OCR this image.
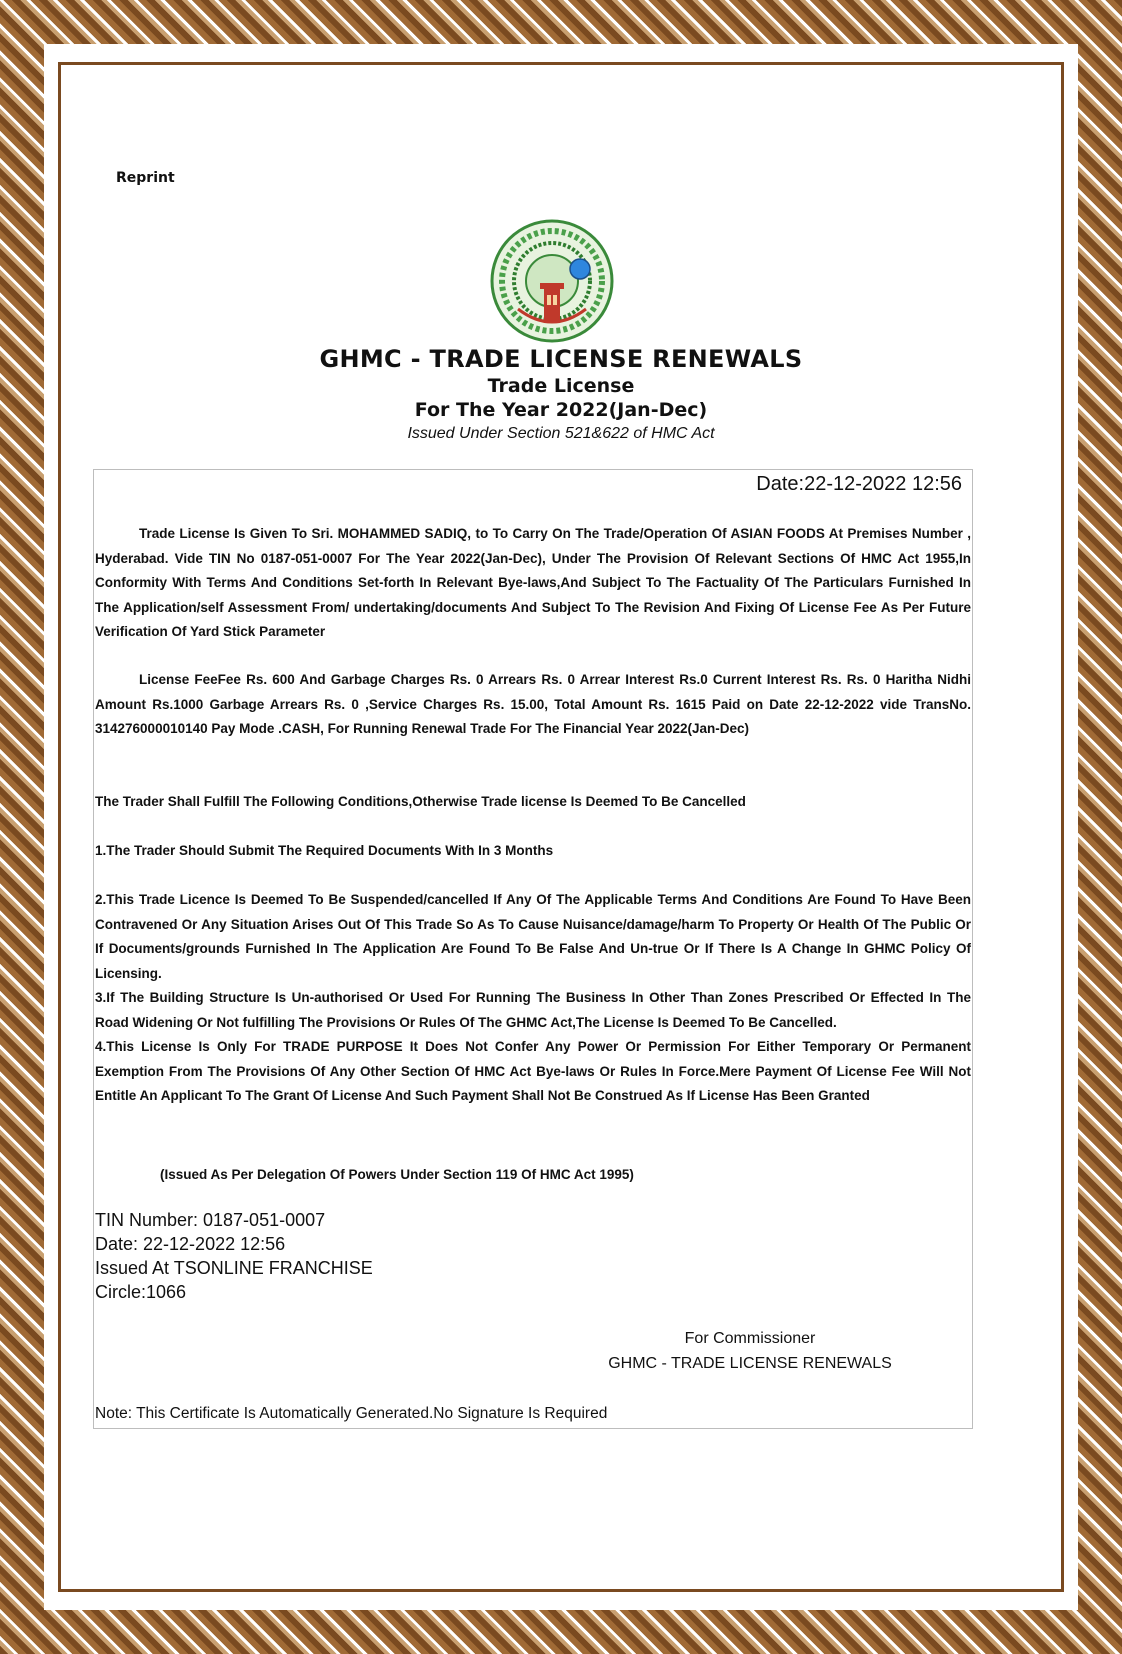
Reprint
GHMC - TRADE LICENSE RENEWALS
Trade License
For The Year 2022(Jan-Dec)
Issued Under Section 521&622 of HMC Act
Date:22-12-2022 12:56
Trade License Is Given To Sri. MOHAMMED SADIQ, to To Carry On The Trade/Operation Of ASIAN FOODS At Premises Number , Hyderabad. Vide TIN No 0187-051-0007 For The Year 2022(Jan-Dec), Under The Provision Of Relevant Sections Of HMC Act 1955,In Conformity With Terms And Conditions Set-forth In Relevant Bye-laws,And Subject To The Factuality Of The Particulars Furnished In The Application/self Assessment From/ undertaking/documents And Subject To The Revision And Fixing Of License Fee As Per Future Verification Of Yard Stick Parameter
License FeeFee Rs. 600 And Garbage Charges Rs. 0 Arrears Rs. 0 Arrear Interest Rs.0 Current Interest Rs. Rs. 0 Haritha Nidhi Amount Rs.1000 Garbage Arrears Rs. 0 ,Service Charges Rs. 15.00, Total Amount Rs. 1615 Paid on Date 22-12-2022 vide TransNo. 314276000010140 Pay Mode .CASH, For Running Renewal Trade For The Financial Year 2022(Jan-Dec)
The Trader Shall Fulfill The Following Conditions,Otherwise Trade license Is Deemed To Be Cancelled
1.The Trader Should Submit The Required Documents With In 3 Months
2.This Trade Licence Is Deemed To Be Suspended/cancelled If Any Of The Applicable Terms And Conditions Are Found To Have Been Contravened Or Any Situation Arises Out Of This Trade So As To Cause Nuisance/damage/harm To Property Or Health Of The Public Or If Documents/grounds Furnished In The Application Are Found To Be False And Un-true Or If There Is A Change In GHMC Policy Of Licensing.
3.If The Building Structure Is Un-authorised Or Used For Running The Business In Other Than Zones Prescribed Or Effected In The Road Widening Or Not fulfilling The Provisions Or Rules Of The GHMC Act,The License Is Deemed To Be Cancelled.
4.This License Is Only For TRADE PURPOSE It Does Not Confer Any Power Or Permission For Either Temporary Or Permanent Exemption From The Provisions Of Any Other Section Of HMC Act Bye-laws Or Rules In Force.Mere Payment Of License Fee Will Not Entitle An Applicant To The Grant Of License And Such Payment Shall Not Be Construed As If License Has Been Granted
(Issued As Per Delegation Of Powers Under Section 119 Of HMC Act 1995)
TIN Number: 0187-051-0007
Date: 22-12-2022 12:56
Issued At TSONLINE FRANCHISE
Circle:1066
For Commissioner
GHMC - TRADE LICENSE RENEWALS
Note: This Certificate Is Automatically Generated.No Signature Is Required
